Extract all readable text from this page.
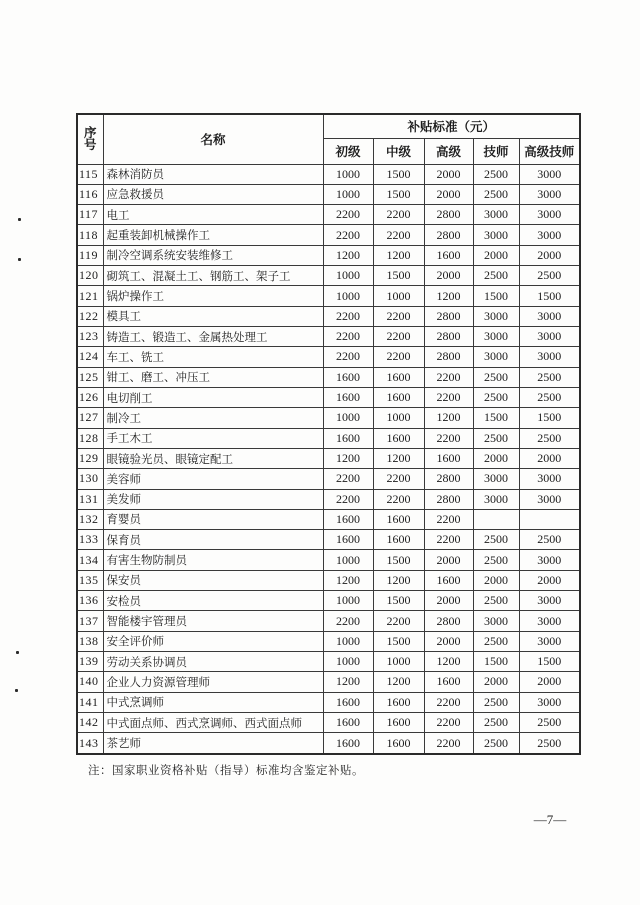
序
号	名称	补贴标准（元）				
		初级	中级	高级	技师	高级技师
115	森林消防员	1000	1500	2000	2500	3000
116	应急救援员	1000	1500	2000	2500	3000
117	电工	2200	2200	2800	3000	3000
118	起重装卸机械操作工	2200	2200	2800	3000	3000
119	制冷空调系统安装维修工	1200	1200	1600	2000	2000
120	砌筑工、混凝土工、钢筋工、架子工	1000	1500	2000	2500	2500
121	锅炉操作工	1000	1000	1200	1500	1500
122	模具工	2200	2200	2800	3000	3000
123	铸造工、锻造工、金属热处理工	2200	2200	2800	3000	3000
124	车工、铣工	2200	2200	2800	3000	3000
125	钳工、磨工、冲压工	1600	1600	2200	2500	2500
126	电切削工	1600	1600	2200	2500	2500
127	制冷工	1000	1000	1200	1500	1500
128	手工木工	1600	1600	2200	2500	2500
129	眼镜验光员、眼镜定配工	1200	1200	1600	2000	2000
130	美容师	2200	2200	2800	3000	3000
131	美发师	2200	2200	2800	3000	3000
132	育婴员	1600	1600	2200		
133	保育员	1600	1600	2200	2500	2500
134	有害生物防制员	1000	1500	2000	2500	3000
135	保安员	1200	1200	1600	2000	2000
136	安检员	1000	1500	2000	2500	3000
137	智能楼宇管理员	2200	2200	2800	3000	3000
138	安全评价师	1000	1500	2000	2500	3000
139	劳动关系协调员	1000	1000	1200	1500	1500
140	企业人力资源管理师	1200	1200	1600	2000	2000
141	中式烹调师	1600	1600	2200	2500	3000
142	中式面点师、西式烹调师、西式面点师	1600	1600	2200	2500	2500
143	茶艺师	1600	1600	2200	2500	2500
注：国家职业资格补贴（指导）标准均含鉴定补贴。
—7—
